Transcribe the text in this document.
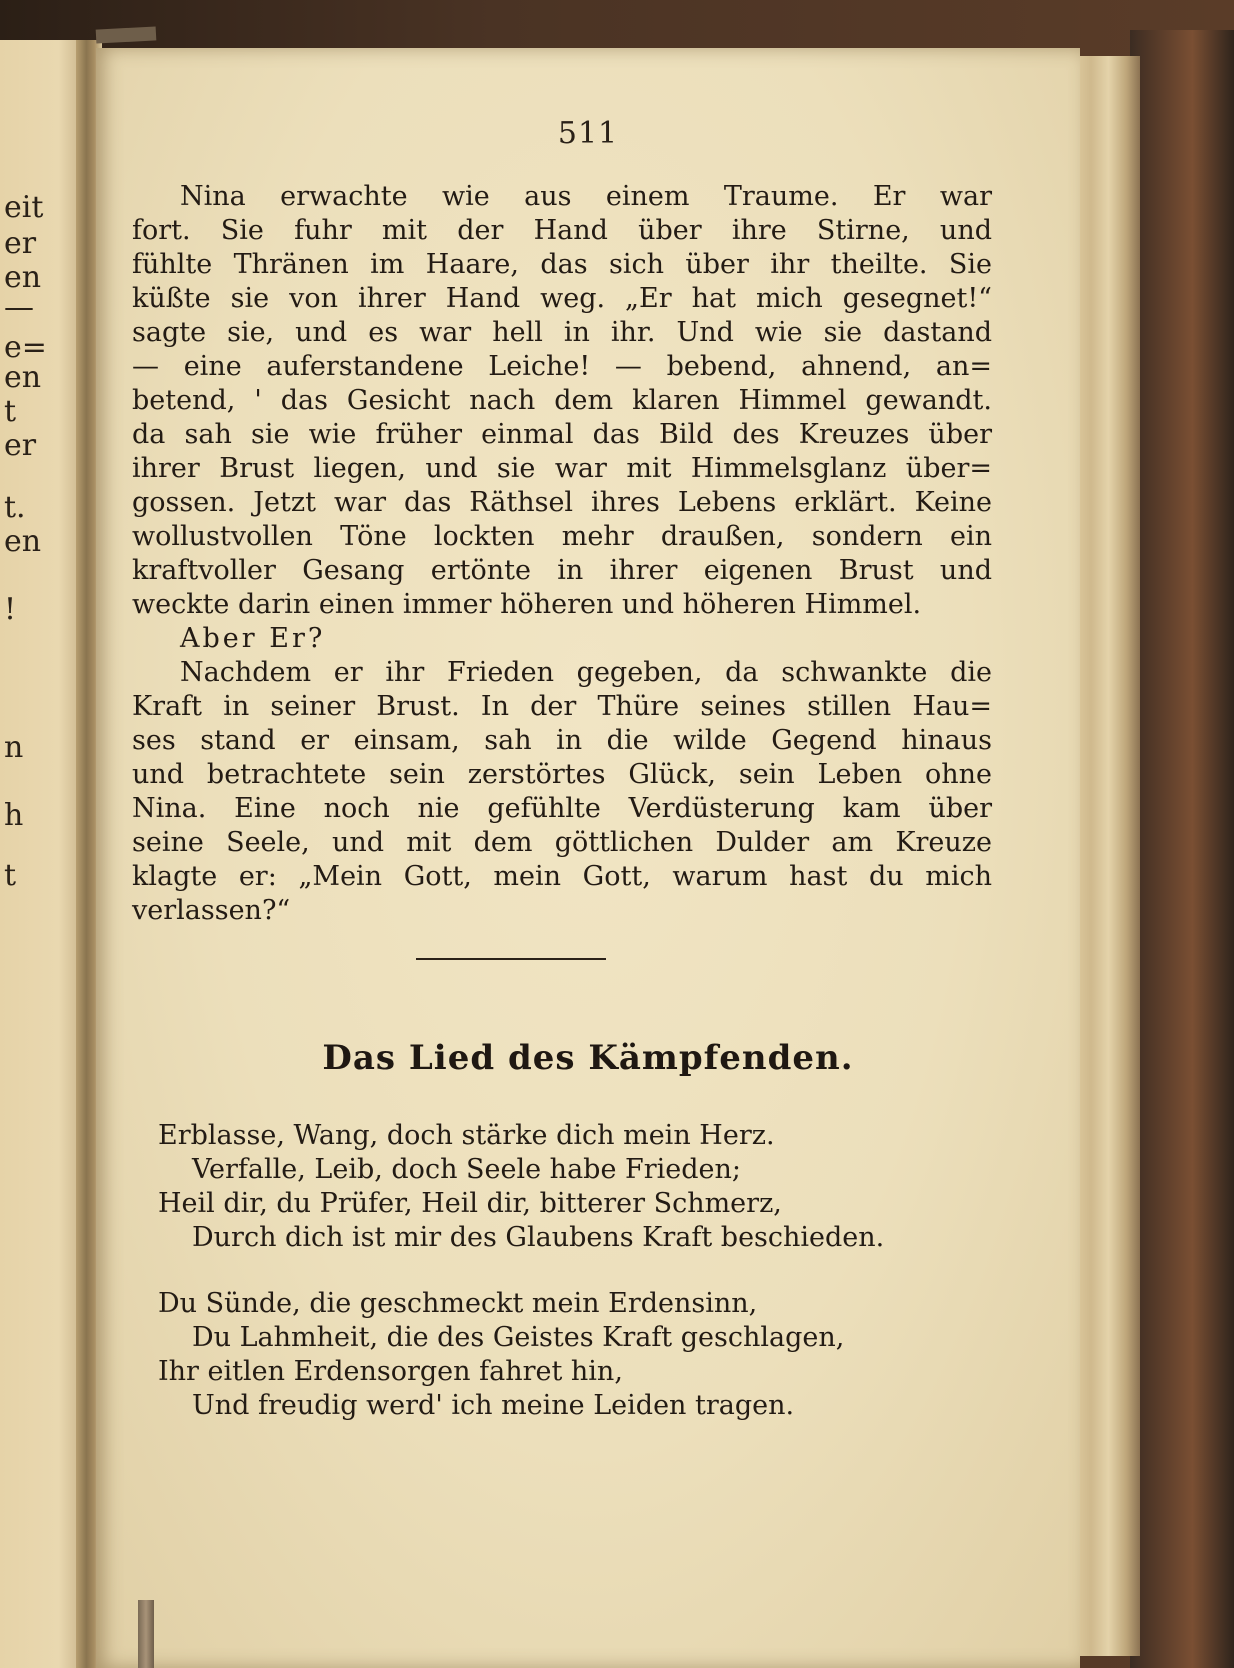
eit
er
en
—
e=
en
t
er
t.
en
!
n
h
t
511
Nina erwachte wie aus einem Traume. Er war
fort. Sie fuhr mit der Hand über ihre Stirne, und
fühlte Thränen im Haare, das sich über ihr theilte. Sie
küßte sie von ihrer Hand weg. „Er hat mich gesegnet!“
sagte sie, und es war hell in ihr. Und wie sie dastand
— eine auferstandene Leiche! — bebend, ahnend, an=
betend, ' das Gesicht nach dem klaren Himmel gewandt.
da sah sie wie früher einmal das Bild des Kreuzes über
ihrer Brust liegen, und sie war mit Himmelsglanz über=
gossen. Jetzt war das Räthsel ihres Lebens erklärt. Keine
wollustvollen Töne lockten mehr draußen, sondern ein
kraftvoller Gesang ertönte in ihrer eigenen Brust und
weckte darin einen immer höheren und höheren Himmel.
Aber Er?
Nachdem er ihr Frieden gegeben, da schwankte die
Kraft in seiner Brust. In der Thüre seines stillen Hau=
ses stand er einsam, sah in die wilde Gegend hinaus
und betrachtete sein zerstörtes Glück, sein Leben ohne
Nina. Eine noch nie gefühlte Verdüsterung kam über
seine Seele, und mit dem göttlichen Dulder am Kreuze
klagte er: „Mein Gott, mein Gott, warum hast du mich
verlassen?“
Das Lied des Kämpfenden.
Erblasse, Wang, doch stärke dich mein Herz.
Verfalle, Leib, doch Seele habe Frieden;
Heil dir, du Prüfer, Heil dir, bitterer Schmerz,
Durch dich ist mir des Glaubens Kraft beschieden.
Du Sünde, die geschmeckt mein Erdensinn,
Du Lahmheit, die des Geistes Kraft geschlagen,
Ihr eitlen Erdensorgen fahret hin,
Und freudig werd' ich meine Leiden tragen.
